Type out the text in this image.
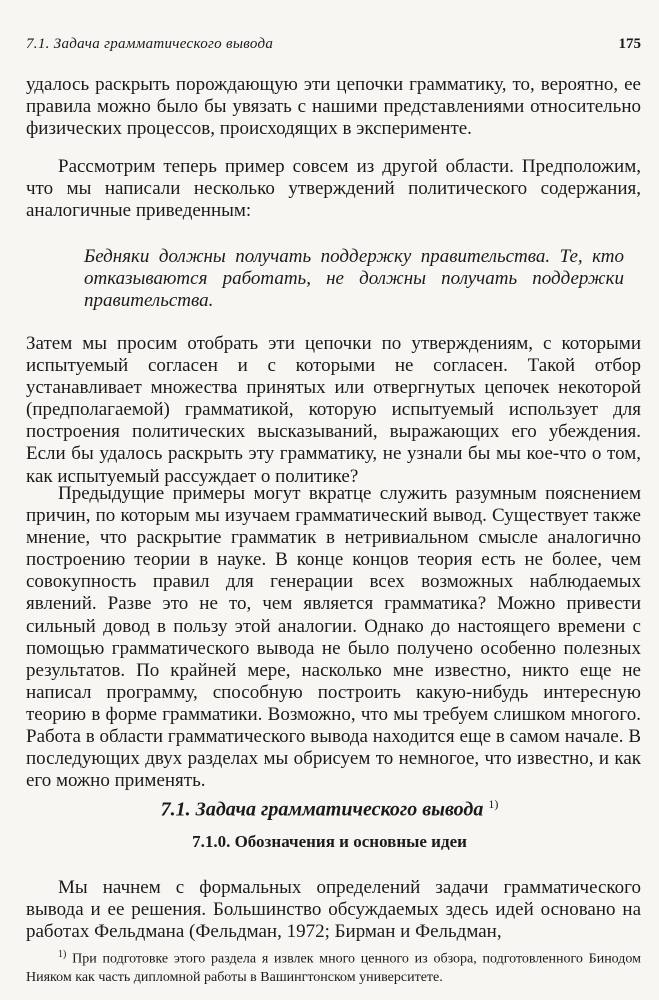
7.1. Задача грамматического вывода	175
удалось раскрыть порождающую эти цепочки грамматику, то, вероятно, ее правила можно было бы увязать с нашими представлениями относительно физических процессов, происходящих в эксперименте.
Рассмотрим теперь пример совсем из другой области. Предположим, что мы написали несколько утверждений политического содержания, аналогичные приведенным:
Бедняки должны получать поддержку правительства. Те, кто отказываются работать, не должны получать поддержки правительства.
Затем мы просим отобрать эти цепочки по утверждениям, с которыми испытуемый согласен и с которыми не согласен. Такой отбор устанавливает множества принятых или отвергнутых цепочек некоторой (предполагаемой) грамматикой, которую испытуемый использует для построения политических высказываний, выражающих его убеждения. Если бы удалось раскрыть эту грамматику, не узнали бы мы кое-что о том, как испытуемый рассуждает о политике?
Предыдущие примеры могут вкратце служить разумным пояснением причин, по которым мы изучаем грамматический вывод. Существует также мнение, что раскрытие грамматик в нетривиальном смысле аналогично построению теории в науке. В конце концов теория есть не более, чем совокупность правил для генерации всех возможных наблюдаемых явлений. Разве это не то, чем является грамматика? Можно привести сильный довод в пользу этой аналогии. Однако до настоящего времени с помощью грамматического вывода не было получено особенно полезных результатов. По крайней мере, насколько мне известно, никто еще не написал программу, способную построить какую-нибудь интересную теорию в форме грамматики. Возможно, что мы требуем слишком многого. Работа в области грамматического вывода находится еще в самом начале. В последующих двух разделах мы обрисуем то немногое, что известно, и как его можно применять.
7.1. Задача грамматического вывода $^{1)}$
7.1.0. Обозначения и основные идеи
Мы начнем с формальных определений задачи грамматического вывода и ее решения. Большинство обсуждаемых здесь идей основано на работах Фельдмана (Фельдман, 1972; Бирман и Фельдман,
$^{1)}$ При подготовке этого раздела я извлек много ценного из обзора, подготовленного Бинодом Нияком как часть дипломной работы в Вашингтонском университете.
